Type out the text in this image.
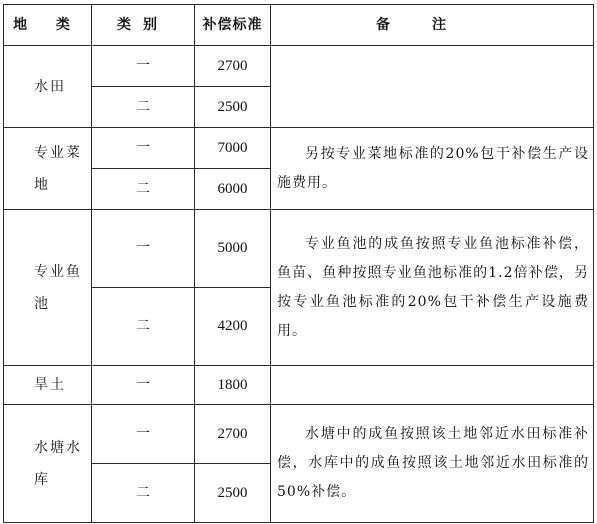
地 类	类别	补偿标准	备注
水田	一	2700	
	二	2500	
专业菜地	一	7000	另按专业菜地标准的20%包干补偿生产设施费用。
	二	6000	
专业鱼池	一	5000	专业鱼池的成鱼按照专业鱼池标准补偿，鱼苗、鱼种按照专业鱼池标准的1.2倍补偿，另按专业鱼池标准的20%包干补偿生产设施费用。
	二	4200	
旱土	一	1800	
水塘水库	一	2700	水塘中的成鱼按照该土地邻近水田标准补偿，水库中的成鱼按照该土地邻近水田标准的50%补偿。
	二	2500	
